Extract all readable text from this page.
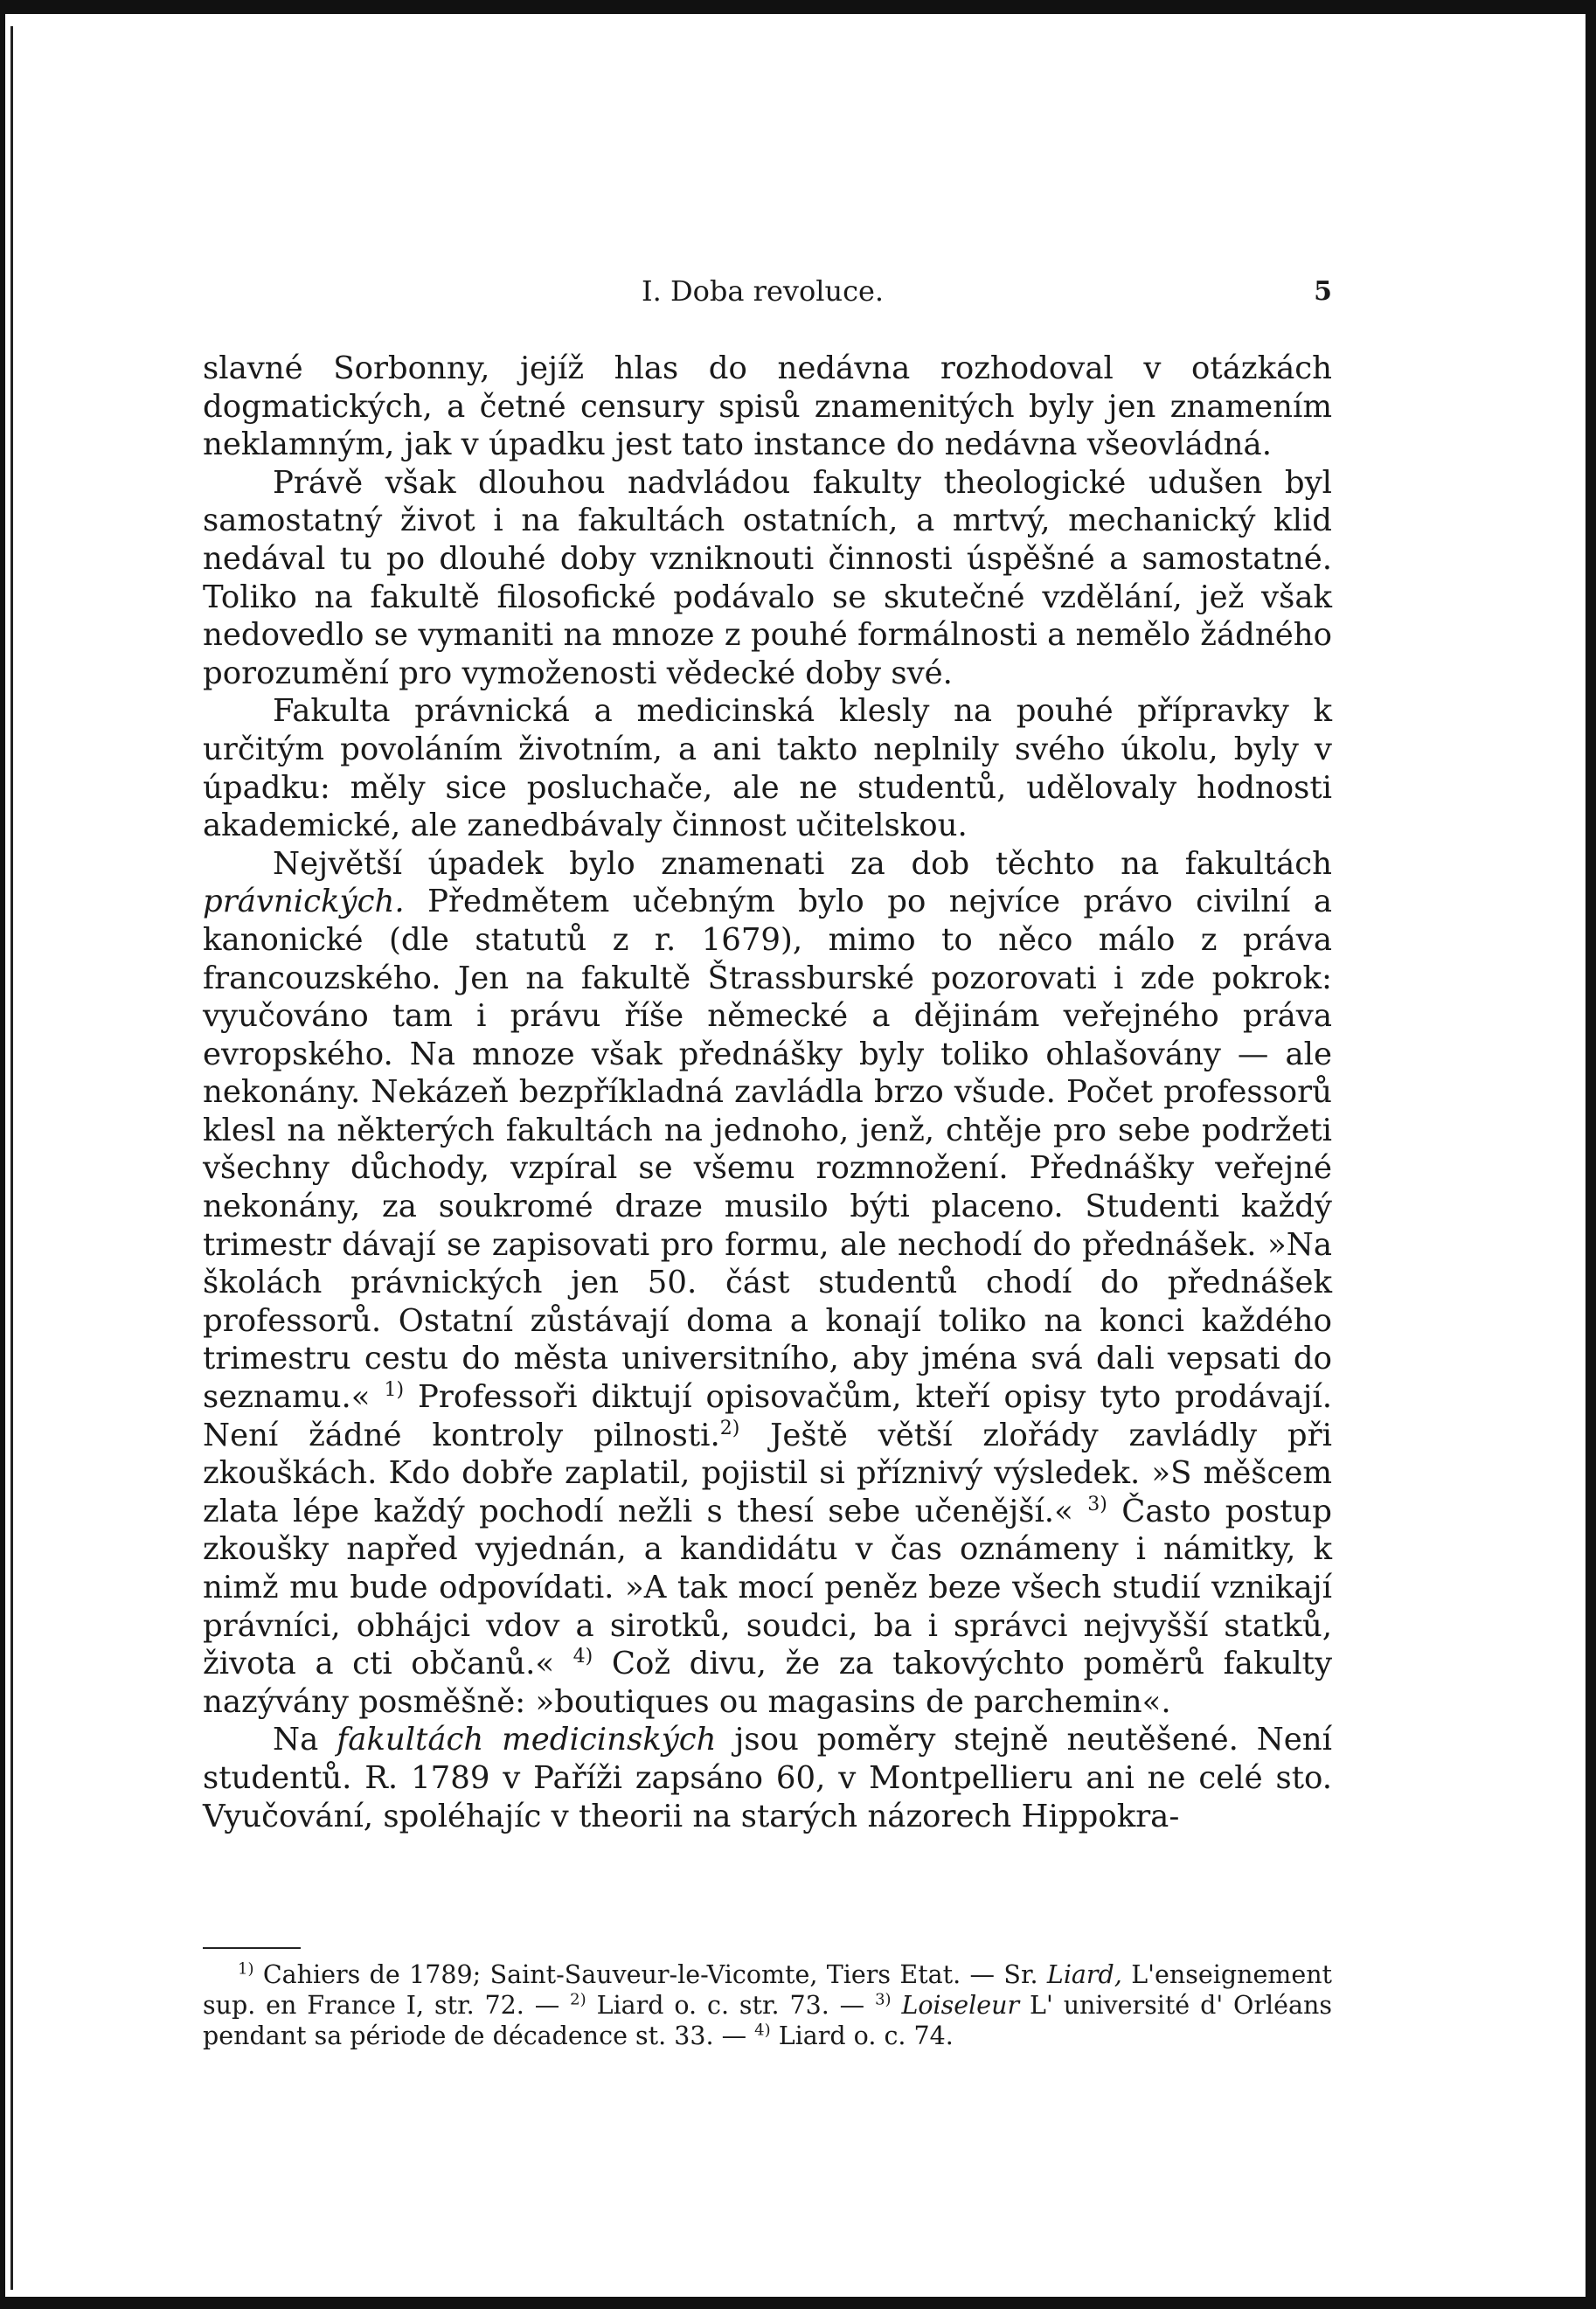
I. Doba revoluce.	5

slavné Sorbonny, jejíž hlas do nedávna rozhodoval v otázkách dogmatických, a četné censury spisů znamenitých byly jen znamením neklamným, jak v úpadku jest tato instance do nedávna všeovládná.

Právě však dlouhou nadvládou fakulty theologické udušen byl samostatný život i na fakultách ostatních, a mrtvý, mechanický klid nedával tu po dlouhé doby vzniknouti činnosti úspěšné a samostatné. Toliko na fakultě filosofické podávalo se skutečné vzdělání, jež však nedovedlo se vymaniti na mnoze z pouhé formálnosti a nemělo žádného porozumění pro vymoženosti vědecké doby své.

Fakulta právnická a medicinská klesly na pouhé přípravky k určitým povoláním životním, a ani takto neplnily svého úkolu, byly v úpadku: měly sice posluchače, ale ne studentů, udělovaly hodnosti akademické, ale zanedbávaly činnost učitelskou.

Největší úpadek bylo znamenati za dob těchto na fakultách právnických. Předmětem učebným bylo po nejvíce právo civilní a kanonické (dle statutů z r. 1679), mimo to něco málo z práva francouzského. Jen na fakultě Štrassburské pozorovati i zde pokrok: vyučováno tam i právu říše německé a dějinám veřejného práva evropského. Na mnoze však přednášky byly toliko ohlašovány — ale nekonány. Nekázeň bezpříkladná zavládla brzo všude. Počet professorů klesl na některých fakultách na jednoho, jenž, chtěje pro sebe podržeti všechny důchody, vzpíral se všemu rozmnožení. Přednášky veřejné nekonány, za soukromé draze musilo býti placeno. Studenti každý trimestr dávají se zapisovati pro formu, ale nechodí do přednášek. »Na školách právnických jen 50. část studentů chodí do přednášek professorů. Ostatní zůstávají doma a konají toliko na konci každého trimestru cestu do města universitního, aby jména svá dali vepsati do seznamu.« $^{1)}$ Professoři diktují opisovačům, kteří opisy tyto prodávají. Není žádné kontroly pilnosti.$^{2)}$ Ještě větší zlořády zavládly při zkouškách. Kdo dobře zaplatil, pojistil si příznivý výsledek. »S měšcem zlata lépe každý pochodí nežli s thesí sebe učenější.« $^{3)}$ Často postup zkoušky napřed vyjednán, a kandidátu v čas oznámeny i námitky, k nimž mu bude odpovídati. »A tak mocí peněz beze všech studií vznikají právníci, obhájci vdov a sirotků, soudci, ba i správci nejvyšší statků, života a cti občanů.« $^{4)}$ Což divu, že za takovýchto poměrů fakulty nazývány posměšně: »boutiques ou magasins de parchemin«.

Na fakultách medicinských jsou poměry stejně neutěšené. Není studentů. R. 1789 v Paříži zapsáno 60, v Montpellieru ani ne celé sto. Vyučování, spoléhajíc v theorii na starých názorech Hippokra-

$^{1)}$ Cahiers de 1789; Saint-Sauveur-le-Vicomte, Tiers Etat. — Sr. Liard, L'enseignement sup. en France I, str. 72. — $^{2)}$ Liard o. c. str. 73. — $^{3)}$ Loiseleur L' université d' Orléans pendant sa période de décadence st. 33. — $^{4)}$ Liard o. c. 74.
